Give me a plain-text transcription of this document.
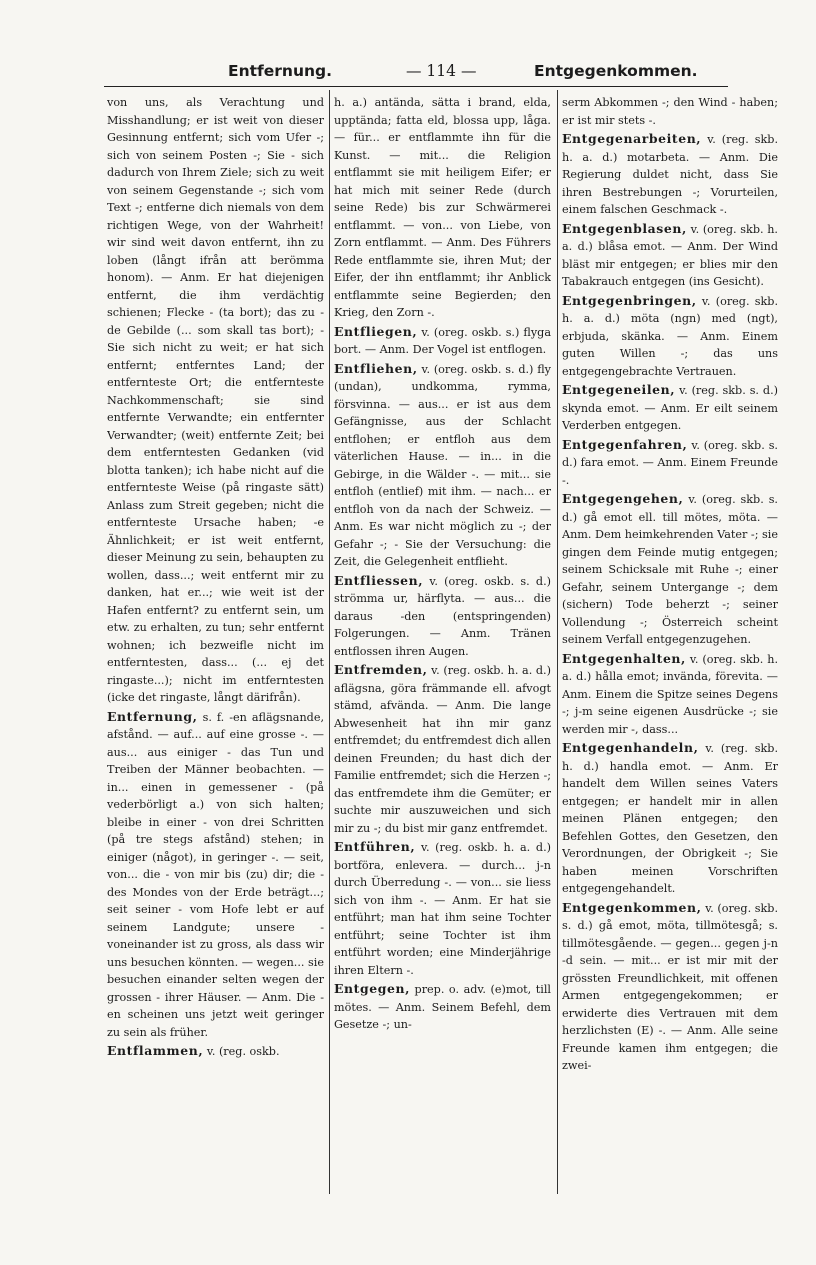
Entfernung.	— 114 —	Entgegenkommen.

von uns, als Verachtung und Misshandlung; er ist weit von dieser Gesinnung entfernt; sich vom Ufer -; sich von seinem Posten -; Sie - sich dadurch von Ihrem Ziele; sich zu weit von seinem Gegenstande -; sich vom Text -; entferne dich niemals von dem richtigen Wege, von der Wahrheit! wir sind weit davon entfernt, ihn zu loben (långt ifrån att berömma honom). — Anm. Er hat diejenigen entfernt, die ihm verdächtig schienen; Flecke - (ta bort); das zu -de Gebilde (... som skall tas bort); - Sie sich nicht zu weit; er hat sich entfernt; entferntes Land; der entfernteste Ort; die entfernteste Nachkommenschaft; sie sind entfernte Verwandte; ein entfernter Verwandter; (weit) entfernte Zeit; bei dem entferntesten Gedanken (vid blotta tanken); ich habe nicht auf die entfernteste Weise (på ringaste sätt) Anlass zum Streit gegeben; nicht die entfernteste Ursache haben; -e Ähnlichkeit; er ist weit entfernt, dieser Meinung zu sein, behaupten zu wollen, dass...; weit entfernt mir zu danken, hat er...; wie weit ist der Hafen entfernt? zu entfernt sein, um etw. zu erhalten, zu tun; sehr entfernt wohnen; ich bezweifle nicht im entferntesten, dass... (... ej det ringaste...); nicht im entferntesten (icke det ringaste, långt därifrån).

Entfernung, s. f. -en aflägsnande, afstånd. — auf... auf eine grosse -. — aus... aus einiger - das Tun und Treiben der Männer beobachten. — in... einen in gemessener - (på vederbörligt a.) von sich halten; bleibe in einer - von drei Schritten (på tre stegs afstånd) stehen; in einiger (något), in geringer -. — seit, von... die - von mir bis (zu) dir; die - des Mondes von der Erde beträgt...; seit seiner - vom Hofe lebt er auf seinem Landgute; unsere - voneinander ist zu gross, als dass wir uns besuchen könnten. — wegen... sie besuchen einander selten wegen der grossen - ihrer Häuser. — Anm. Die -en scheinen uns jetzt weit geringer zu sein als früher.

Entflammen, v. (reg. oskb.

h. a.) antända, sätta i brand, elda, upptända; fatta eld, blossa upp, låga. — für... er entflammte ihn für die Kunst. — mit... die Religion entflammt sie mit heiligem Eifer; er hat mich mit seiner Rede (durch seine Rede) bis zur Schwärmerei entflammt. — von... von Liebe, von Zorn entflammt. — Anm. Des Führers Rede entflammte sie, ihren Mut; der Eifer, der ihn entflammt; ihr Anblick entflammte seine Begierden; den Krieg, den Zorn -.

Entfliegen, v. (oreg. oskb. s.) flyga bort. — Anm. Der Vogel ist entflogen.

Entfliehen, v. (oreg. oskb. s. d.) fly (undan), undkomma, rymma, försvinna. — aus... er ist aus dem Gefängnisse, aus der Schlacht entflohen; er entfloh aus dem väterlichen Hause. — in... in die Gebirge, in die Wälder -. — mit... sie entfloh (entlief) mit ihm. — nach... er entfloh von da nach der Schweiz. — Anm. Es war nicht möglich zu -; der Gefahr -; - Sie der Versuchung: die Zeit, die Gelegenheit entflieht.

Entfliessen, v. (oreg. oskb. s. d.) strömma ur, härflyta. — aus... die daraus -den (entspringenden) Folgerungen. — Anm. Tränen entflossen ihren Augen.

Entfremden, v. (reg. oskb. h. a. d.) aflägsna, göra främmande ell. afvogt stämd, afvända. — Anm. Die lange Abwesenheit hat ihn mir ganz entfremdet; du entfremdest dich allen deinen Freunden; du hast dich der Familie entfremdet; sich die Herzen -; das entfremdete ihm die Gemüter; er suchte mir auszuweichen und sich mir zu -; du bist mir ganz entfremdet.

Entführen, v. (reg. oskb. h. a. d.) bortföra, enlevera. — durch... j-n durch Überredung -. — von... sie liess sich von ihm -. — Anm. Er hat sie entführt; man hat ihm seine Tochter entführt; seine Tochter ist ihm entführt worden; eine Minderjährige ihren Eltern -.

Entgegen, prep. o. adv. (e)mot, till mötes. — Anm. Seinem Befehl, dem Gesetze -; un-

serm Abkommen -; den Wind - haben; er ist mir stets -.

Entgegenarbeiten, v. (reg. skb. h. a. d.) motarbeta. — Anm. Die Regierung duldet nicht, dass Sie ihren Bestrebungen -; Vorurteilen, einem falschen Geschmack -.

Entgegenblasen, v. (oreg. skb. h. a. d.) blåsa emot. — Anm. Der Wind bläst mir entgegen; er blies mir den Tabakrauch entgegen (ins Gesicht).

Entgegenbringen, v. (oreg. skb. h. a. d.) möta (ngn) med (ngt), erbjuda, skänka. — Anm. Einem guten Willen -; das uns entgegengebrachte Vertrauen.

Entgegeneilen, v. (reg. skb. s. d.) skynda emot. — Anm. Er eilt seinem Verderben entgegen.

Entgegenfahren, v. (oreg. skb. s. d.) fara emot. — Anm. Einem Freunde -.

Entgegengehen, v. (oreg. skb. s. d.) gå emot ell. till mötes, möta. — Anm. Dem heimkehrenden Vater -; sie gingen dem Feinde mutig entgegen; seinem Schicksale mit Ruhe -; einer Gefahr, seinem Untergange -; dem (sichern) Tode beherzt -; seiner Vollendung -; Österreich scheint seinem Verfall entgegenzugehen.

Entgegenhalten, v. (oreg. skb. h. a. d.) hålla emot; invända, förevita. — Anm. Einem die Spitze seines Degens -; j-m seine eigenen Ausdrücke -; sie werden mir -, dass...

Entgegenhandeln, v. (reg. skb. h. d.) handla emot. — Anm. Er handelt dem Willen seines Vaters entgegen; er handelt mir in allen meinen Plänen entgegen; den Befehlen Gottes, den Gesetzen, den Verordnungen, der Obrigkeit -; Sie haben meinen Vorschriften entgegengehandelt.

Entgegenkommen, v. (oreg. skb. s. d.) gå emot, möta, tillmötesgå; s. tillmötesgående. — gegen... gegen j-n -d sein. — mit... er ist mir mit der grössten Freundlichkeit, mit offenen Armen entgegengekommen; er erwiderte dies Vertrauen mit dem herzlichsten (E) -. — Anm. Alle seine Freunde kamen ihm entgegen; die zwei-
